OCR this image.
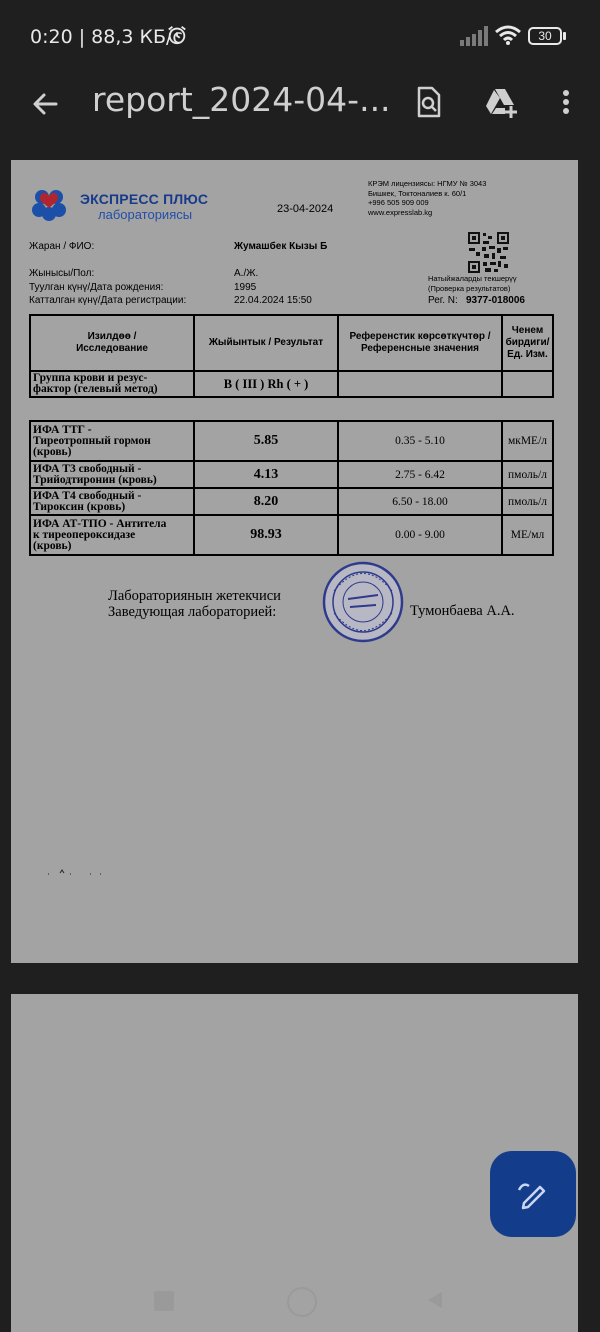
0:20 | 88,3 КБ/с	30
report_2024-04-...
ЭКСПРЕСС ПЛЮС
лабораториясы	23-04-2024
КРЭМ лицензиясы: НГМУ № 3043
Бишкек, Токтоналиев к. 60/1
+996 505 909 009
www.expresslab.kg
Натыйжаларды текшерүү
(Проверка результатов)
Жаран / ФИО:	Жумашбек Кызы Б
Жынысы/Пол:	А./Ж.
Туулган күнү/Дата рождения:	1995
Катталган күнү/Дата регистрации:	22.04.2024 15:50	Рег. N: 9377-018006
Изилдөө /
Исследование	Жыйынтык / Результат	Референстик көрсөткүчтөр /
Референсные значения	Ченем
бирдиги/
Ед. Изм.
Группа крови и резус-
фактор (гелевый метод)	B ( III ) Rh ( + )		

ИФА ТТГ -
Тиреотропный гормон
(кровь)	5.85	0.35 - 5.10	мкМЕ/л
ИФА Т3 свободный -
Трийодтиронин (кровь)	4.13	2.75 - 6.42	пмоль/л
ИФА Т4 свободный -
Тироксин (кровь)	8.20	6.50 - 18.00	пмоль/л
ИФА АТ-ТПО - Антитела
к тиреопероксидазе
(кровь)	98.93	0.00 - 9.00	МЕ/мл
Лабораториянын жетекчиси
Заведующая лабораторией:	Тумонбаева А.А.
